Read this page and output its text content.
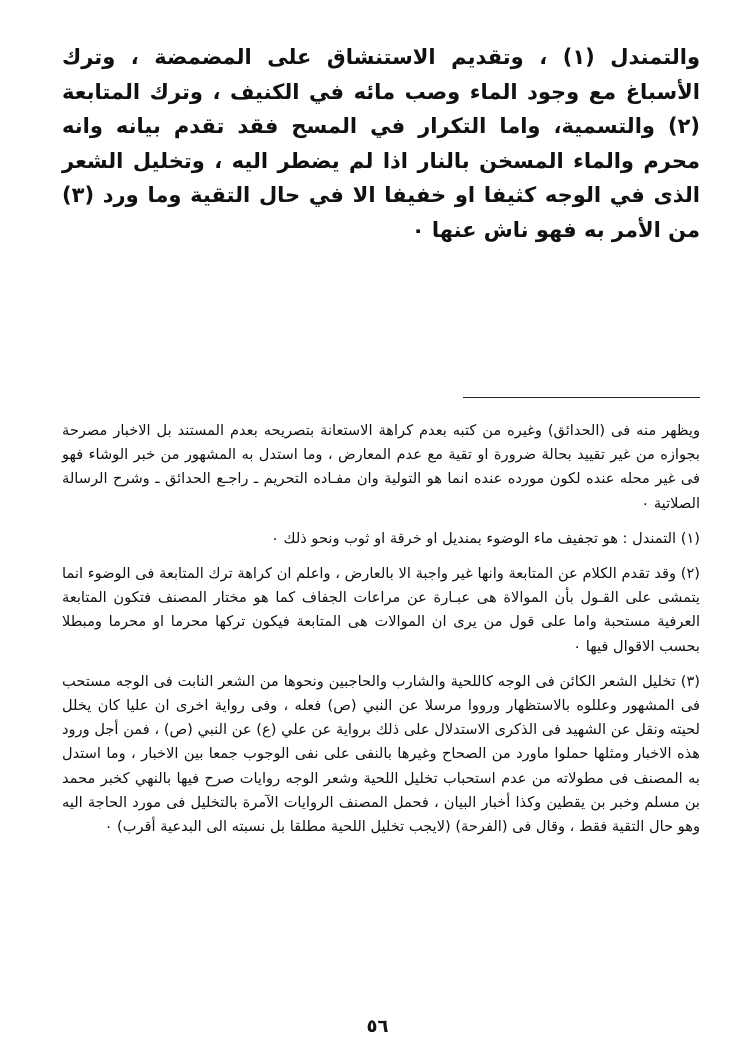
والتمندل (١) ، وتقديم الاستنشاق على المضمضة ، وترك الأسباغ مع وجود الماء وصب مائه في الكنيف ، وترك المتابعة (٢) والتسمية، واما التكرار في المسح فقد تقدم بيانه وانه محرم والماء المسخن بالنار اذا لم يضطر اليه ، وتخليل الشعر الذى في الوجه كثيفا او خفيفا الا في حال التقية وما ورد (٣) من الأمر به فهو ناش عنها ٠

ويظهر منه فى (الحدائق) وغيره من كتبه بعدم كراهة الاستعانة بتصريحه بعدم المستند بل الاخبار مصرحة بجوازه من غير تقييد بحالة ضرورة او تقية مع عدم المعارض ، وما استدل به المشهور من خبر الوشاء فهو فى غير محله عنده لكون مورده عنده انما هو التولية وان مفـاده التحريم ـ راجـع الحدائق ـ وشرح الرسالة الصلاتية ٠

(١) التمندل : هو تجفيف ماء الوضوء بمنديل او خرقة او ثوب ونحو ذلك ٠

(٢) وقد تقدم الكلام عن المتابعة وانها غير واجبة الا بالعارض ، واعلم ان كراهة ترك المتابعة فى الوضوء انما يتمشى على القـول بأن الموالاة هى عبـارة عن مراعات الجفاف كما هو مختار المصنف فتكون المتابعة العرفية مستحبة واما على قول من يرى ان الموالات هى المتابعة فيكون تركها محرما او محرما ومبطلا بحسب الاقوال فيها ٠

(٣) تخليل الشعر الكائن فى الوجه كاللحية والشارب والحاجبين ونحوها من الشعر النابت فى الوجه مستحب فى المشهور وعللوه بالاستظهار ورووا مرسلا عن النبي (ص) فعله ، وفى رواية اخرى ان عليا كان يخلل لحيته ونقل عن الشهيد فى الذكرى الاستدلال على ذلك برواية عن علي (ع) عن النبي (ص) ، فمن أجل ورود هذه الاخبار ومثلها حملوا ماورد من الصحاح وغيرها بالنفى على نفى الوجوب جمعا بين الاخبار ، وما استدل به المصنف فى مطولاته من عدم استحباب تخليل اللحية وشعر الوجه روايات صرح فيها بالنهي كخبر محمد بن مسلم وخبر بن يقطين وكذا أخبار البيان ، فحمل المصنف الروايات الآمرة بالتخليل فى مورد الحاجة اليه وهو حال التقية فقط ، وقال فى (الفرحة) (لايجب تخليل اللحية مطلقا بل نسبته الى البدعية أقرب) ٠

٥٦
